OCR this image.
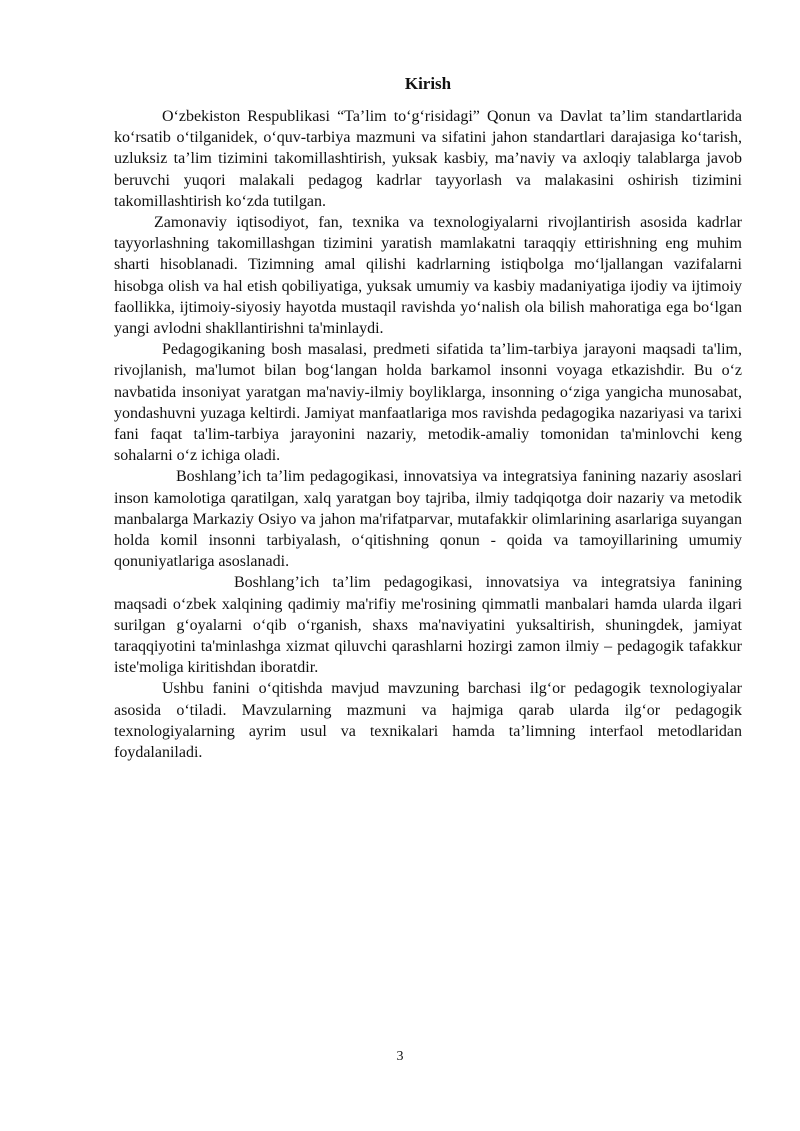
Kirish

O‘zbekiston Respublikasi “Ta’lim to‘g‘risidagi” Qonun va Davlat ta’lim standartlarida ko‘rsatib o‘tilganidek, o‘quv-tarbiya mazmuni va sifatini jahon standartlari darajasiga ko‘tarish, uzluksiz ta’lim tizimini takomillashtirish, yuksak kasbiy, ma’naviy va axloqiy talablarga javob beruvchi yuqori malakali pedagog kadrlar tayyorlash va malakasini oshirish tizimini takomillashtirish ko‘zda tutilgan.

Zamonaviy iqtisodiyot, fan, texnika va texnologiyalarni rivojlantirish asosida kadrlar tayyorlashning takomillashgan tizimini yaratish mamlakatni taraqqiy ettirishning eng muhim sharti hisoblanadi. Tizimning amal qilishi kadrlarning istiqbolga mo‘ljallangan vazifalarni hisobga olish va hal etish qobiliyatiga, yuksak umumiy va kasbiy madaniyatiga ijodiy va ijtimoiy faollikka, ijtimoiy-siyosiy hayotda mustaqil ravishda yo‘nalish ola bilish mahoratiga ega bo‘lgan yangi avlodni shakllantirishni ta'minlaydi.

Pedagogikaning bosh masalasi, predmeti sifatida ta’lim-tarbiya jarayoni maqsadi ta'lim, rivojlanish, ma'lumot bilan bog‘langan holda barkamol insonni voyaga etkazishdir. Bu o‘z navbatida insoniyat yaratgan ma'naviy-ilmiy boyliklarga, insonning o‘ziga yangicha munosabat, yondashuvni yuzaga keltirdi. Jamiyat manfaatlariga mos ravishda pedagogika nazariyasi va tarixi fani faqat ta'lim-tarbiya jarayonini nazariy, metodik-amaliy tomonidan ta'minlovchi keng sohalarni o‘z ichiga oladi.

Boshlang’ich ta’lim pedagogikasi, innovatsiya va integratsiya fanining nazariy asoslari inson kamolotiga qaratilgan, xalq yaratgan boy tajriba, ilmiy tadqiqotga doir nazariy va metodik manbalarga Markaziy Osiyo va jahon ma'rifatparvar, mutafakkir olimlarining asarlariga suyangan holda komil insonni tarbiyalash, o‘qitishning qonun - qoida va tamoyillarining umumiy qonuniyatlariga asoslanadi.

Boshlang’ich ta’lim pedagogikasi, innovatsiya va integratsiya fanining maqsadi o‘zbek xalqining qadimiy ma'rifiy me'rosining qimmatli manbalari hamda ularda ilgari surilgan g‘oyalarni o‘qib o‘rganish, shaxs ma'naviyatini yuksaltirish, shuningdek, jamiyat taraqqiyotini ta'minlashga xizmat qiluvchi qarashlarni hozirgi zamon ilmiy – pedagogik tafakkur iste'moliga kiritishdan iboratdir.

Ushbu fanini o‘qitishda mavjud mavzuning barchasi ilg‘or pedagogik texnologiyalar asosida o‘tiladi. Mavzularning mazmuni va hajmiga qarab ularda ilg‘or pedagogik texnologiyalarning ayrim usul va texnikalari hamda ta’limning interfaol metodlaridan foydalaniladi.

3
